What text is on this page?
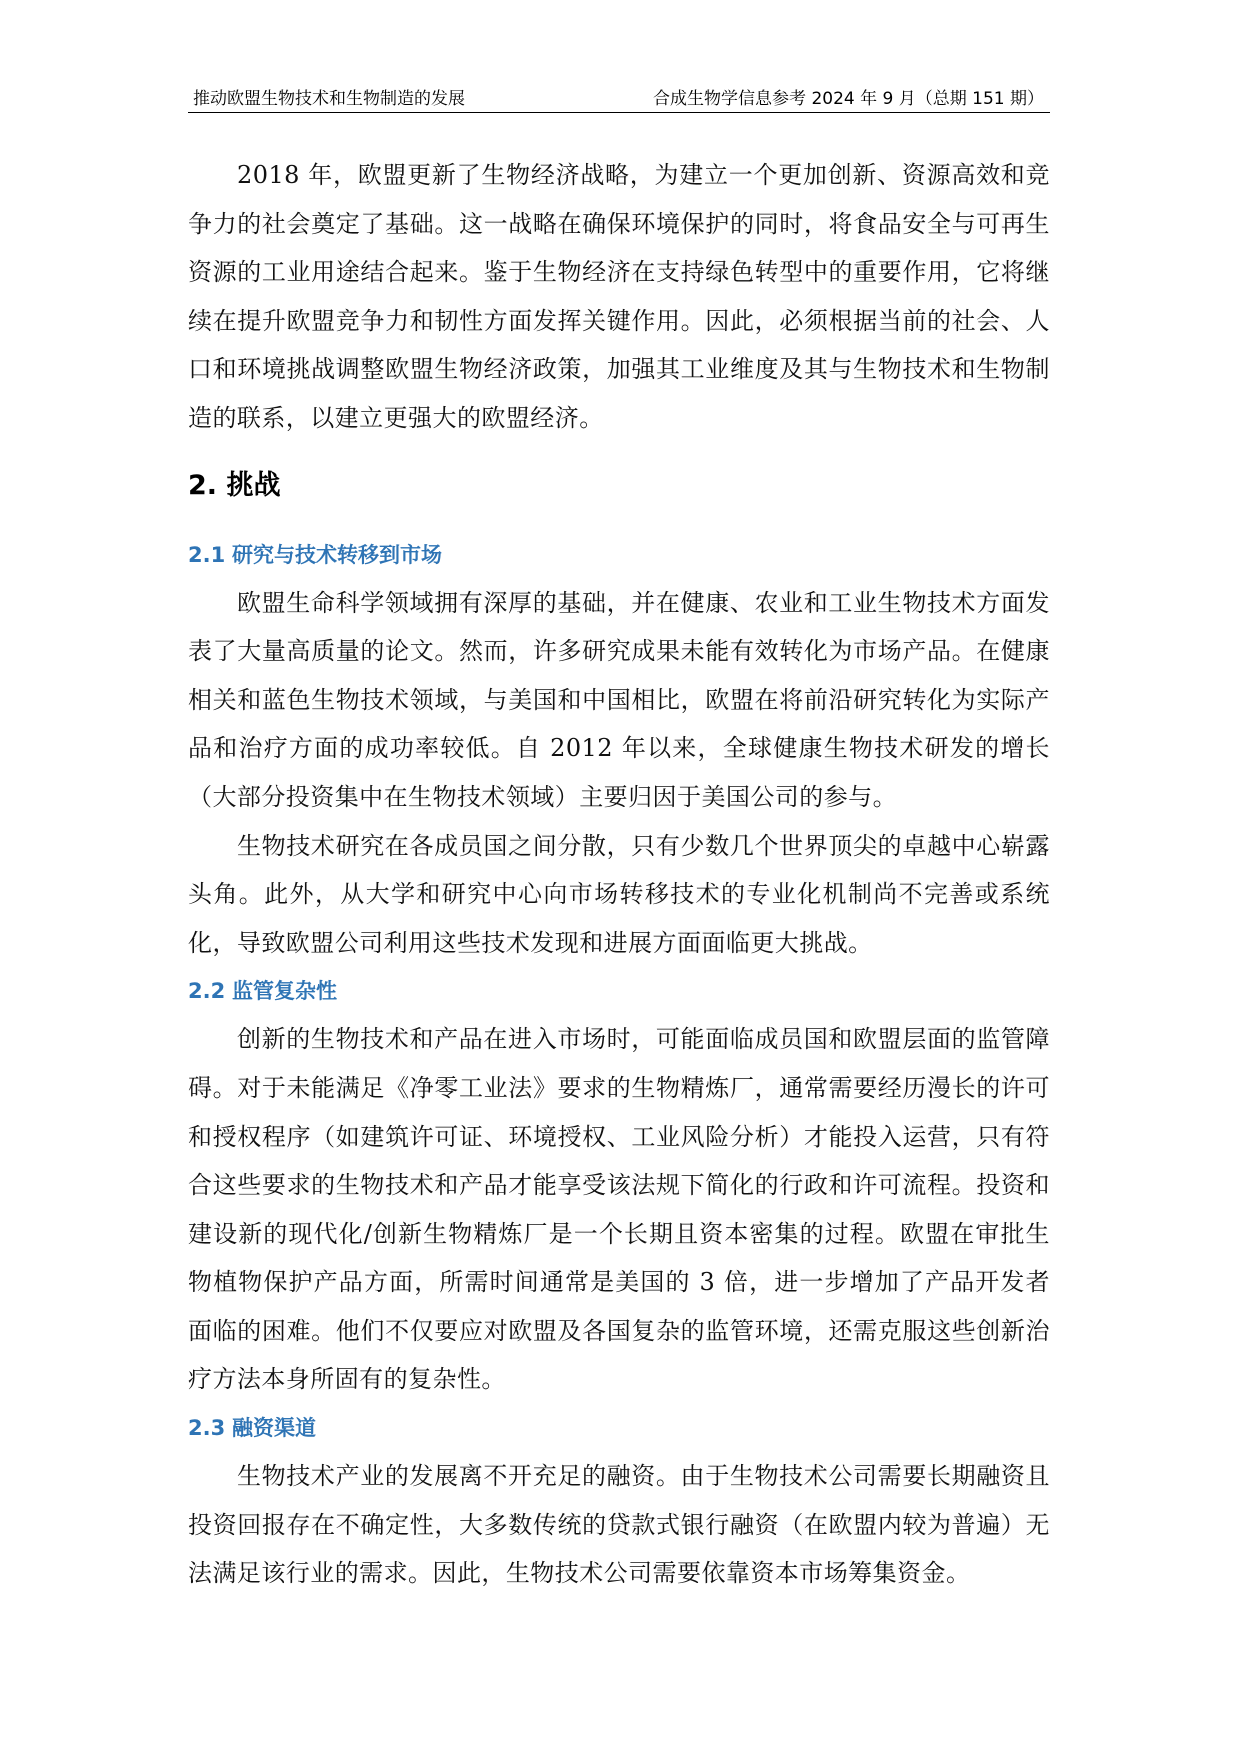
推动欧盟生物技术和生物制造的发展	合成生物学信息参考 2024 年 9 月（总期 151 期）

2018 年，欧盟更新了生物经济战略，为建立一个更加创新、资源高效和竞争力的社会奠定了基础。这一战略在确保环境保护的同时，将食品安全与可再生资源的工业用途结合起来。鉴于生物经济在支持绿色转型中的重要作用，它将继续在提升欧盟竞争力和韧性方面发挥关键作用。因此，必须根据当前的社会、人口和环境挑战调整欧盟生物经济政策，加强其工业维度及其与生物技术和生物制造的联系，以建立更强大的欧盟经济。

2. 挑战
2.1 研究与技术转移到市场

欧盟生命科学领域拥有深厚的基础，并在健康、农业和工业生物技术方面发表了大量高质量的论文。然而，许多研究成果未能有效转化为市场产品。在健康相关和蓝色生物技术领域，与美国和中国相比，欧盟在将前沿研究转化为实际产品和治疗方面的成功率较低。自 2012 年以来，全球健康生物技术研发的增长（大部分投资集中在生物技术领域）主要归因于美国公司的参与。

生物技术研究在各成员国之间分散，只有少数几个世界顶尖的卓越中心崭露头角。此外，从大学和研究中心向市场转移技术的专业化机制尚不完善或系统化，导致欧盟公司利用这些技术发现和进展方面面临更大挑战。

2.2 监管复杂性

创新的生物技术和产品在进入市场时，可能面临成员国和欧盟层面的监管障碍。对于未能满足《净零工业法》要求的生物精炼厂，通常需要经历漫长的许可和授权程序（如建筑许可证、环境授权、工业风险分析）才能投入运营，只有符合这些要求的生物技术和产品才能享受该法规下简化的行政和许可流程。投资和建设新的现代化/创新生物精炼厂是一个长期且资本密集的过程。欧盟在审批生物植物保护产品方面，所需时间通常是美国的 3 倍，进一步增加了产品开发者面临的困难。他们不仅要应对欧盟及各国复杂的监管环境，还需克服这些创新治疗方法本身所固有的复杂性。

2.3 融资渠道

生物技术产业的发展离不开充足的融资。由于生物技术公司需要长期融资且投资回报存在不确定性，大多数传统的贷款式银行融资（在欧盟内较为普遍）无法满足该行业的需求。因此，生物技术公司需要依靠资本市场筹集资金。
